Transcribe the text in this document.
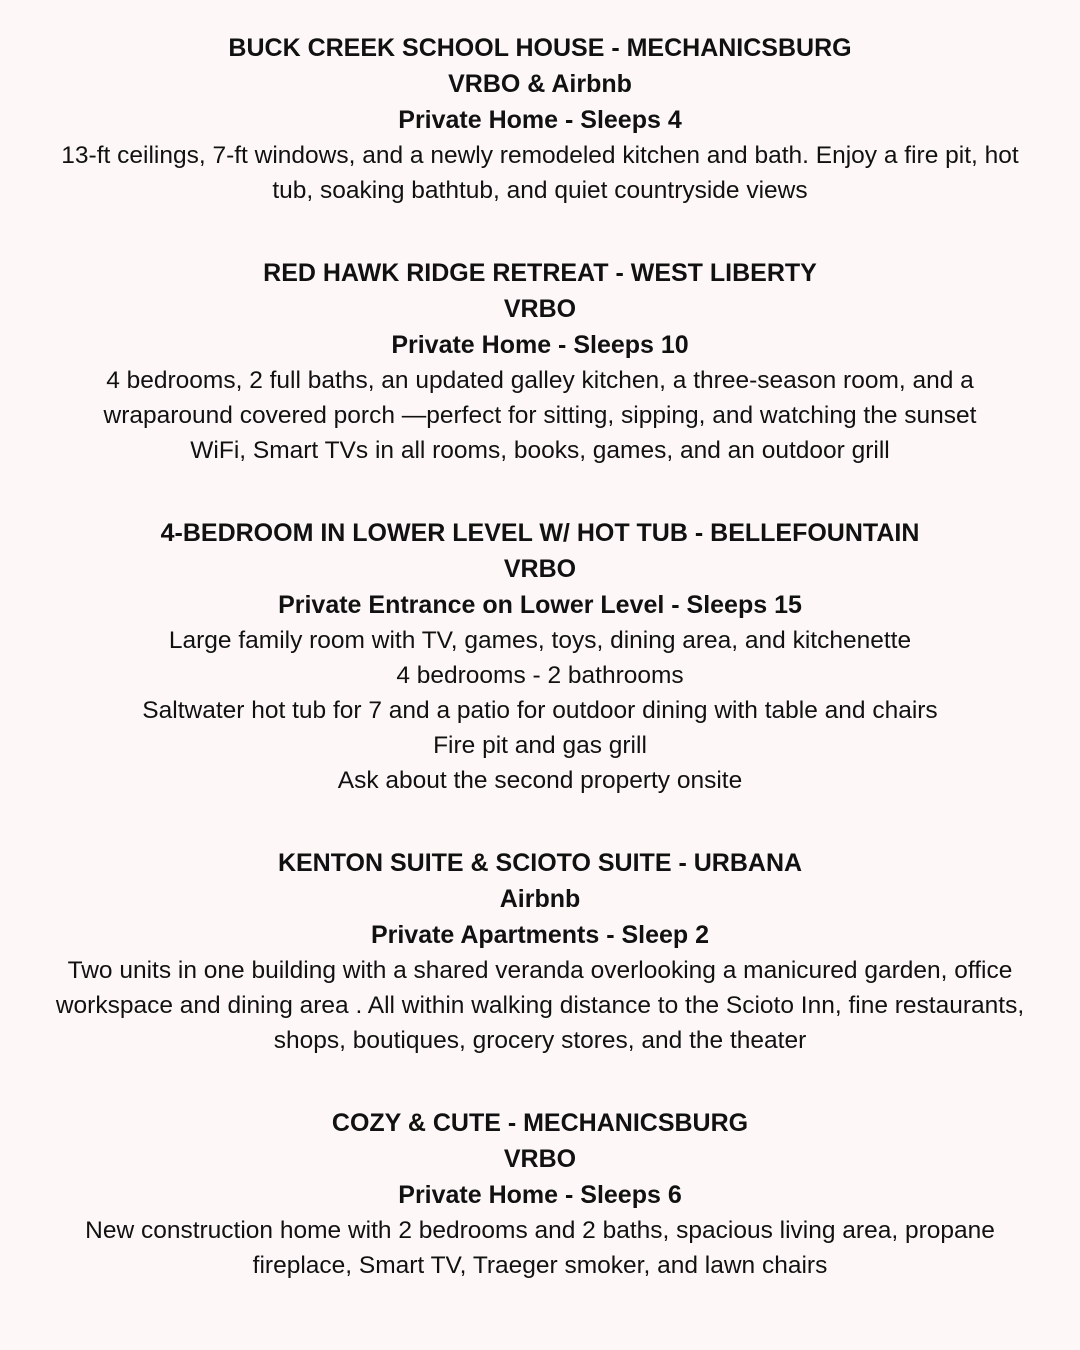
BUCK CREEK SCHOOL HOUSE - MECHANICSBURG

VRBO & Airbnb

Private Home - Sleeps 4

13-ft ceilings, 7-ft windows, and a newly remodeled kitchen and bath. Enjoy a fire pit, hot

tub, soaking bathtub, and quiet countryside views

RED HAWK RIDGE RETREAT - WEST LIBERTY

VRBO

Private Home - Sleeps 10

4 bedrooms, 2 full baths, an updated galley kitchen, a three-season room, and a

wraparound covered porch —perfect for sitting, sipping, and watching the sunset

WiFi, Smart TVs in all rooms, books, games, and an outdoor grill

4-BEDROOM IN LOWER LEVEL W/ HOT TUB - BELLEFOUNTAIN

VRBO

Private Entrance on Lower Level - Sleeps 15

Large family room with TV, games, toys, dining area, and kitchenette

4 bedrooms - 2 bathrooms

Saltwater hot tub for 7 and a patio for outdoor dining with table and chairs

Fire pit and gas grill

Ask about the second property onsite

KENTON SUITE & SCIOTO SUITE - URBANA

Airbnb

Private Apartments - Sleep 2

Two units in one building with a shared veranda overlooking a manicured garden, office

workspace and dining area . All within walking distance to the Scioto Inn, fine restaurants,

shops, boutiques, grocery stores, and the theater

COZY & CUTE - MECHANICSBURG

VRBO

Private Home - Sleeps 6

New construction home with 2 bedrooms and 2 baths, spacious living area, propane

fireplace, Smart TV, Traeger smoker, and lawn chairs
